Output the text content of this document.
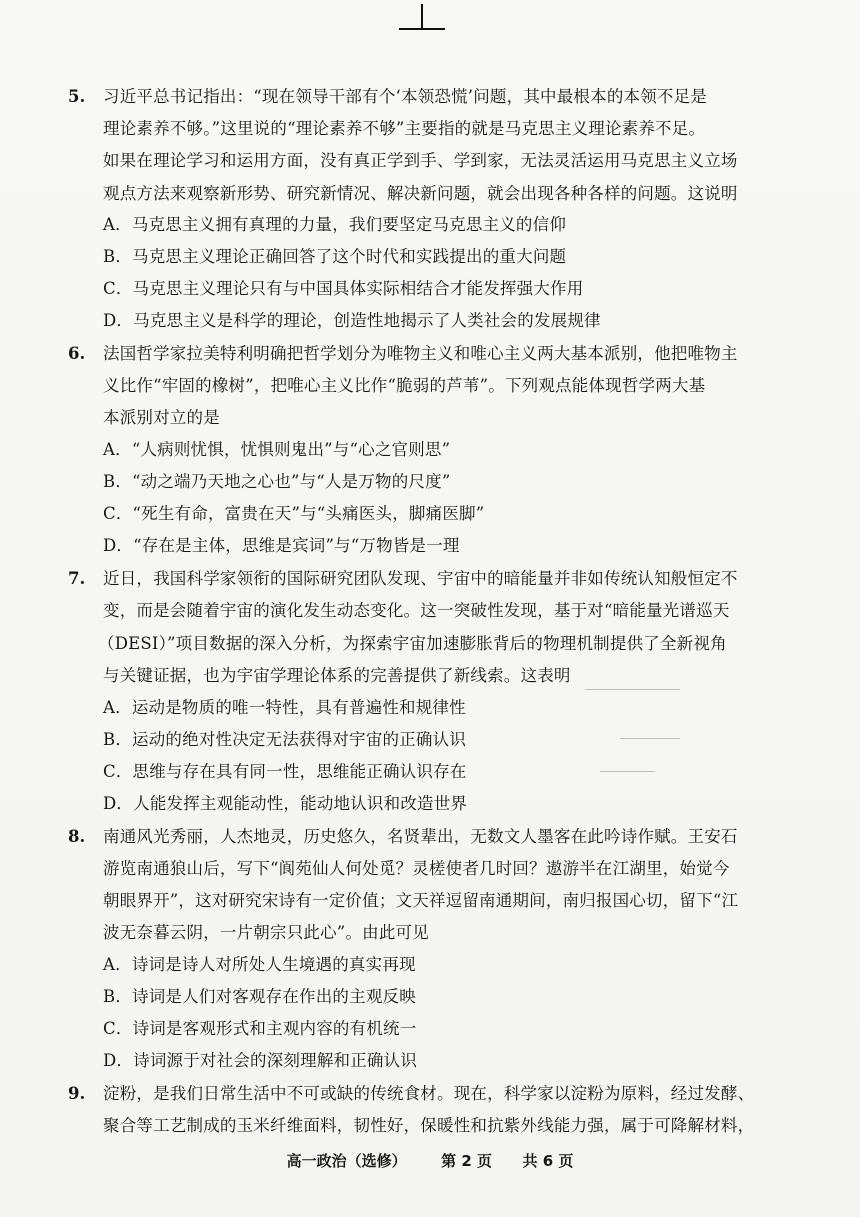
5. 习近平总书记指出：“现在领导干部有个‘本领恐慌’问题，其中最根本的本领不足是
理论素养不够。”这里说的“理论素养不够”主要指的就是马克思主义理论素养不足。
如果在理论学习和运用方面，没有真正学到手、学到家，无法灵活运用马克思主义立场
观点方法来观察新形势、研究新情况、解决新问题，就会出现各种各样的问题。这说明
A．马克思主义拥有真理的力量，我们要坚定马克思主义的信仰
B．马克思主义理论正确回答了这个时代和实践提出的重大问题
C．马克思主义理论只有与中国具体实际相结合才能发挥强大作用
D．马克思主义是科学的理论，创造性地揭示了人类社会的发展规律
6. 法国哲学家拉美特利明确把哲学划分为唯物主义和唯心主义两大基本派别，他把唯物主
义比作“牢固的橡树”，把唯心主义比作“脆弱的芦苇”。下列观点能体现哲学两大基
本派别对立的是
A．“人病则忧惧，忧惧则鬼出”与“心之官则思”
B．“动之端乃天地之心也”与“人是万物的尺度”
C．“死生有命，富贵在天”与“头痛医头，脚痛医脚”
D．“存在是主体，思维是宾词”与“万物皆是一理
7. 近日，我国科学家领衔的国际研究团队发现、宇宙中的暗能量并非如传统认知般恒定不
变，而是会随着宇宙的演化发生动态变化。这一突破性发现，基于对“暗能量光谱巡天
（DESI）”项目数据的深入分析，为探索宇宙加速膨胀背后的物理机制提供了全新视角
与关键证据，也为宇宙学理论体系的完善提供了新线索。这表明
A．运动是物质的唯一特性，具有普遍性和规律性
B．运动的绝对性决定无法获得对宇宙的正确认识
C．思维与存在具有同一性，思维能正确认识存在
D．人能发挥主观能动性，能动地认识和改造世界
8. 南通风光秀丽，人杰地灵，历史悠久，名贤辈出，无数文人墨客在此吟诗作赋。王安石
游览南通狼山后，写下“阆苑仙人何处觅？灵槎使者几时回？遨游半在江湖里，始觉今
朝眼界开”，这对研究宋诗有一定价值；文天祥逗留南通期间，南归报国心切，留下“江
波无奈暮云阴，一片朝宗只此心”。由此可见
A．诗词是诗人对所处人生境遇的真实再现
B．诗词是人们对客观存在作出的主观反映
C．诗词是客观形式和主观内容的有机统一
D．诗词源于对社会的深刻理解和正确认识
9. 淀粉，是我们日常生活中不可或缺的传统食材。现在，科学家以淀粉为原料，经过发酵、
聚合等工艺制成的玉米纤维面料，韧性好，保暖性和抗紫外线能力强，属于可降解材料，
高一政治（选修） 第 2 页 共 6 页
